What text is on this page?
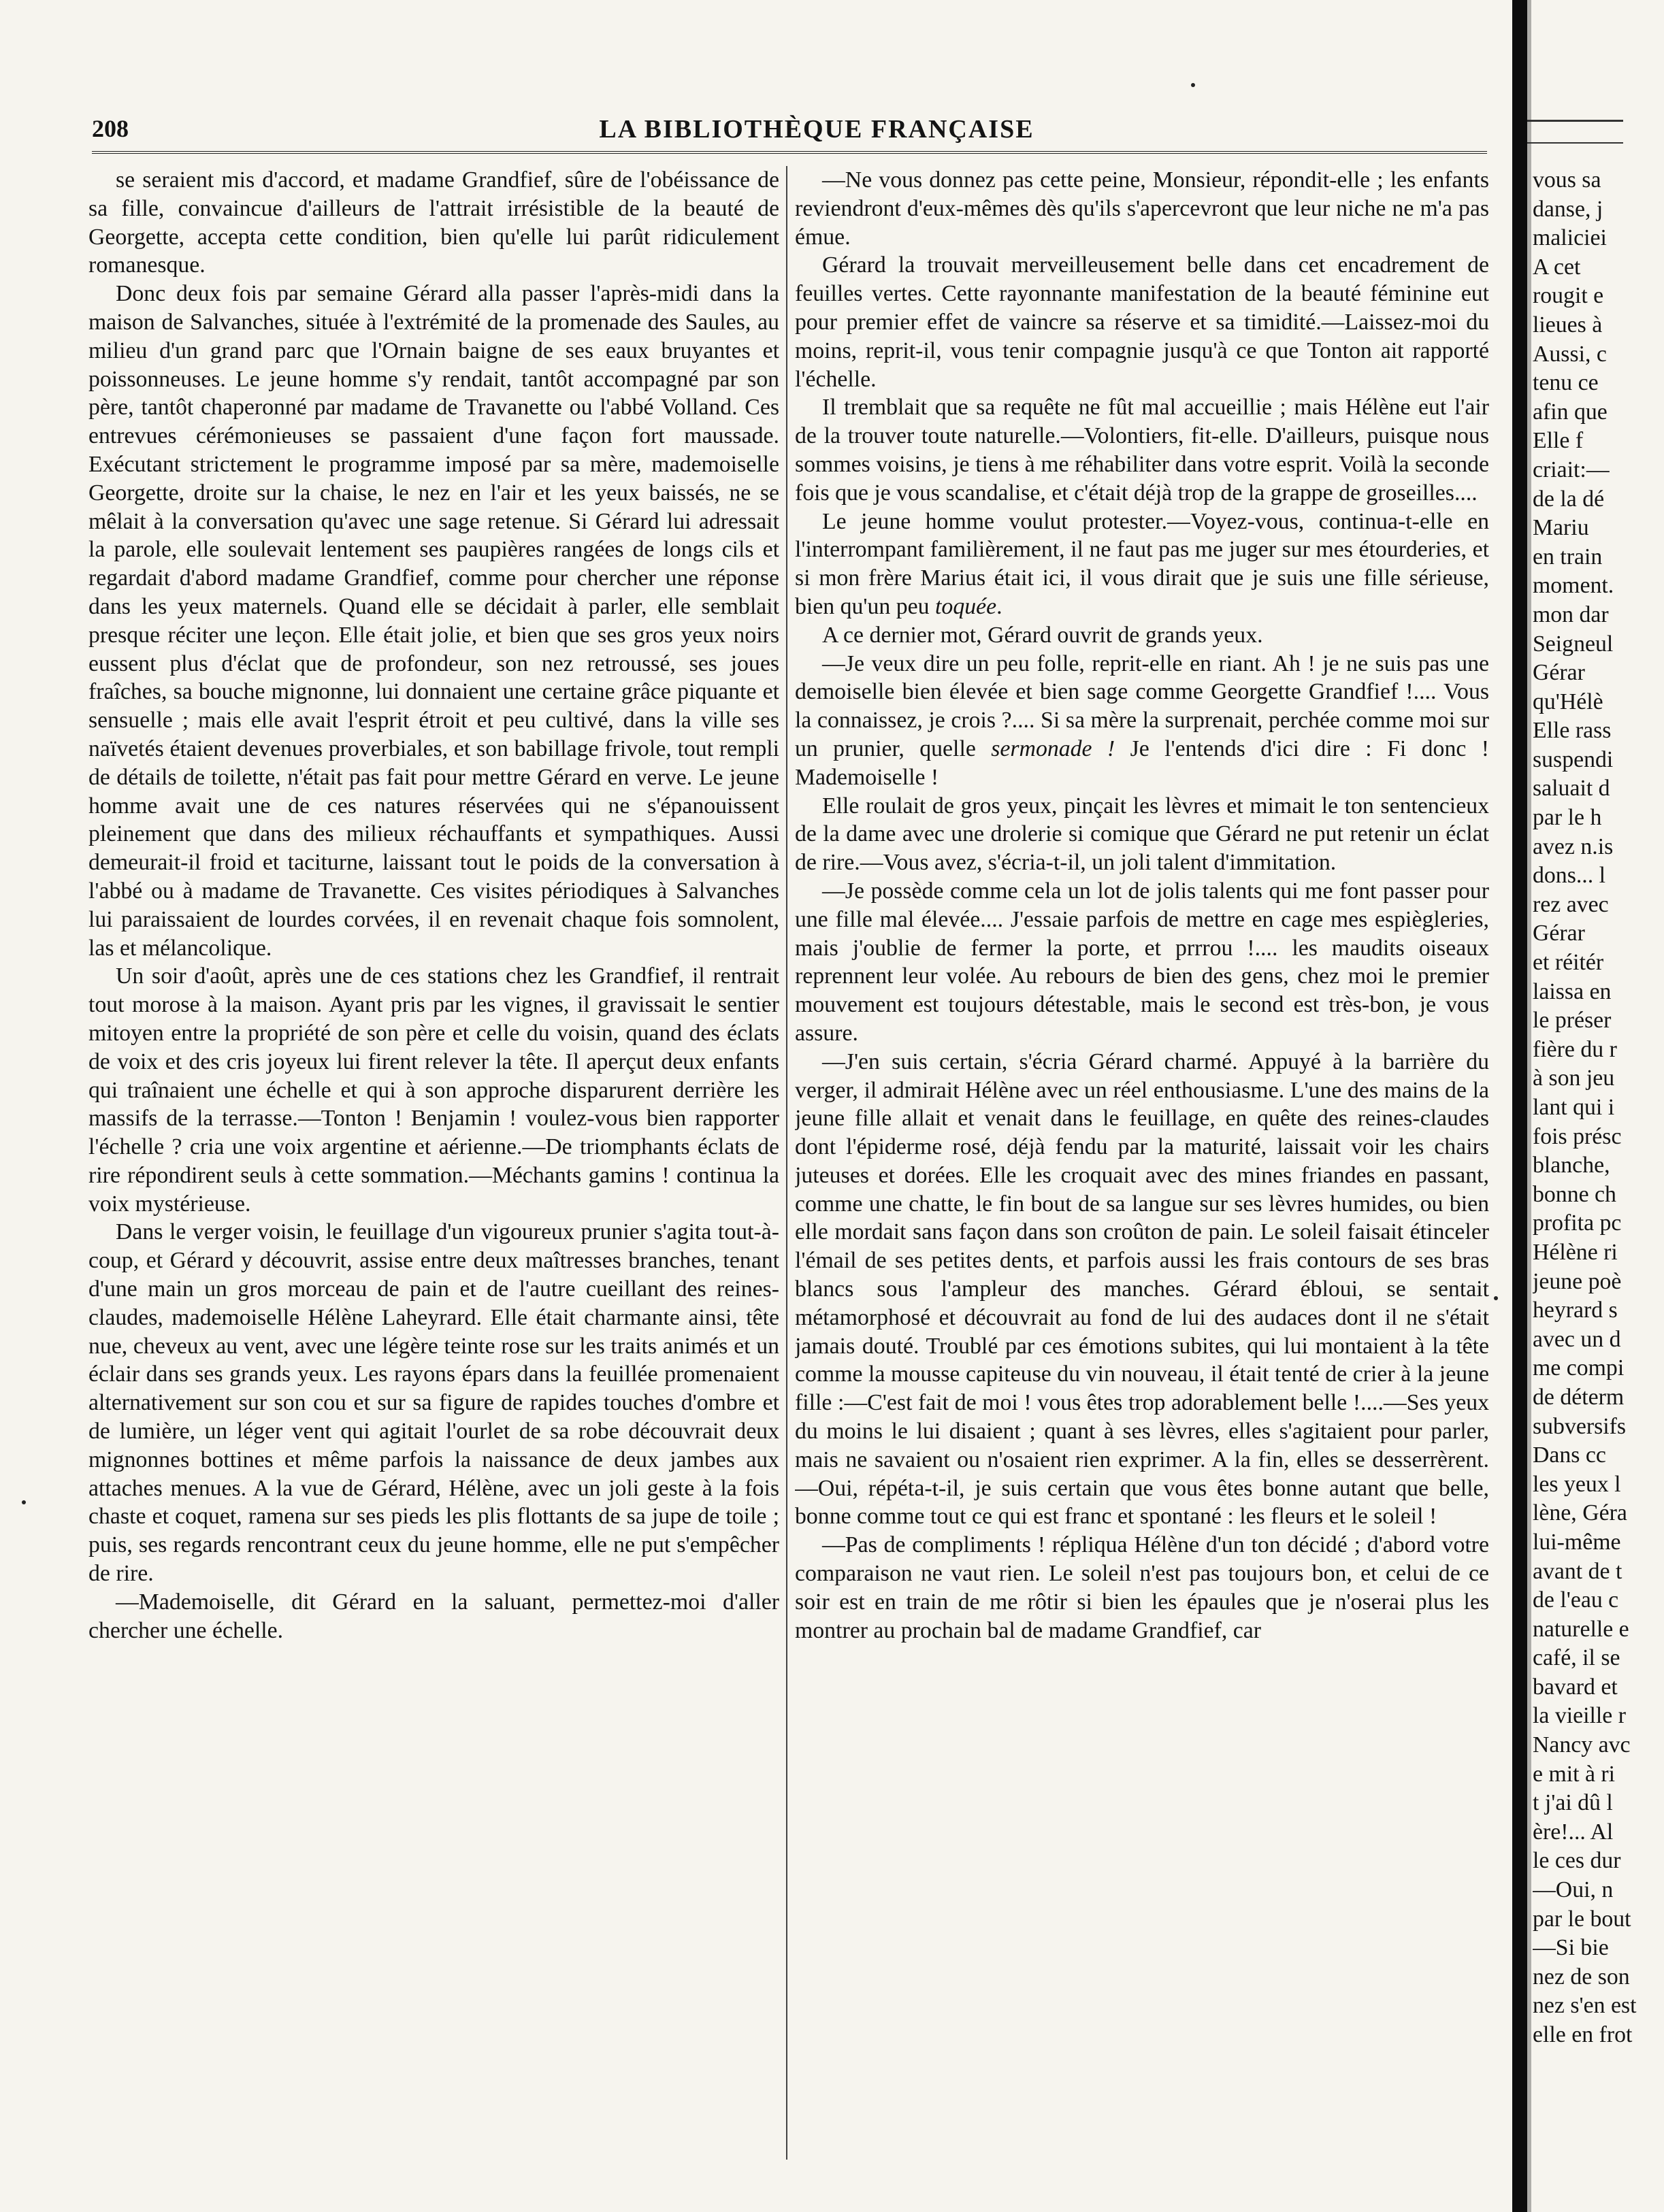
208	LA BIBLIOTHÈQUE FRANÇAISE

se seraient mis d'accord, et madame Grandfief, sûre de l'obéissance de sa fille, convaincue d'ailleurs de l'attrait irrésistible de la beauté de Georgette, accepta cette condition, bien qu'elle lui parût ridiculement romanesque.

Donc deux fois par semaine Gérard alla passer l'après-midi dans la maison de Salvanches, située à l'extrémité de la promenade des Saules, au milieu d'un grand parc que l'Ornain baigne de ses eaux bruyantes et poissonneuses. Le jeune homme s'y rendait, tantôt accompagné par son père, tantôt chaperonné par madame de Travanette ou l'abbé Volland. Ces entrevues cérémonieuses se passaient d'une façon fort maussade. Exécutant strictement le programme imposé par sa mère, mademoiselle Georgette, droite sur la chaise, le nez en l'air et les yeux baissés, ne se mêlait à la conversation qu'avec une sage retenue. Si Gérard lui adressait la parole, elle soulevait lentement ses paupières rangées de longs cils et regardait d'abord madame Grandfief, comme pour chercher une réponse dans les yeux maternels. Quand elle se décidait à parler, elle semblait presque réciter une leçon. Elle était jolie, et bien que ses gros yeux noirs eussent plus d'éclat que de profondeur, son nez retroussé, ses joues fraîches, sa bouche mignonne, lui donnaient une certaine grâce piquante et sensuelle ; mais elle avait l'esprit étroit et peu cultivé, dans la ville ses naïvetés étaient devenues proverbiales, et son babillage frivole, tout rempli de détails de toilette, n'était pas fait pour mettre Gérard en verve. Le jeune homme avait une de ces natures réservées qui ne s'épanouissent pleinement que dans des milieux réchauffants et sympathiques. Aussi demeurait-il froid et taciturne, laissant tout le poids de la conversation à l'abbé ou à madame de Travanette. Ces visites périodiques à Salvanches lui paraissaient de lourdes corvées, il en revenait chaque fois somnolent, las et mélancolique.

Un soir d'août, après une de ces stations chez les Grandfief, il rentrait tout morose à la maison. Ayant pris par les vignes, il gravissait le sentier mitoyen entre la propriété de son père et celle du voisin, quand des éclats de voix et des cris joyeux lui firent relever la tête. Il aperçut deux enfants qui traînaient une échelle et qui à son approche disparurent derrière les massifs de la terrasse.—Tonton ! Benjamin ! voulez-vous bien rapporter l'échelle ? cria une voix argentine et aérienne.—De triomphants éclats de rire répondirent seuls à cette sommation.—Méchants gamins ! continua la voix mystérieuse.

Dans le verger voisin, le feuillage d'un vigoureux prunier s'agita tout-à-coup, et Gérard y découvrit, assise entre deux maîtresses branches, tenant d'une main un gros morceau de pain et de l'autre cueillant des reines-claudes, mademoiselle Hélène Laheyrard. Elle était charmante ainsi, tête nue, cheveux au vent, avec une légère teinte rose sur les traits animés et un éclair dans ses grands yeux. Les rayons épars dans la feuillée promenaient alternativement sur son cou et sur sa figure de rapides touches d'ombre et de lumière, un léger vent qui agitait l'ourlet de sa robe découvrait deux mignonnes bottines et même parfois la naissance de deux jambes aux attaches menues. A la vue de Gérard, Hélène, avec un joli geste à la fois chaste et coquet, ramena sur ses pieds les plis flottants de sa jupe de toile ; puis, ses regards rencontrant ceux du jeune homme, elle ne put s'empêcher de rire.

—Mademoiselle, dit Gérard en la saluant, permettez-moi d'aller chercher une échelle.

—Ne vous donnez pas cette peine, Monsieur, répondit-elle ; les enfants reviendront d'eux-mêmes dès qu'ils s'apercevront que leur niche ne m'a pas émue.

Gérard la trouvait merveilleusement belle dans cet encadrement de feuilles vertes. Cette rayonnante manifestation de la beauté féminine eut pour premier effet de vaincre sa réserve et sa timidité.—Laissez-moi du moins, reprit-il, vous tenir compagnie jusqu'à ce que Tonton ait rapporté l'échelle.

Il tremblait que sa requête ne fût mal accueillie ; mais Hélène eut l'air de la trouver toute naturelle.—Volontiers, fit-elle. D'ailleurs, puisque nous sommes voisins, je tiens à me réhabiliter dans votre esprit. Voilà la seconde fois que je vous scandalise, et c'était déjà trop de la grappe de groseilles....

Le jeune homme voulut protester.—Voyez-vous, continua-t-elle en l'interrompant familièrement, il ne faut pas me juger sur mes étourderies, et si mon frère Marius était ici, il vous dirait que je suis une fille sérieuse, bien qu'un peu toquée.

A ce dernier mot, Gérard ouvrit de grands yeux.

—Je veux dire un peu folle, reprit-elle en riant. Ah ! je ne suis pas une demoiselle bien élevée et bien sage comme Georgette Grandfief !.... Vous la connaissez, je crois ?.... Si sa mère la surprenait, perchée comme moi sur un prunier, quelle sermonade ! Je l'entends d'ici dire : Fi donc ! Mademoiselle !

Elle roulait de gros yeux, pinçait les lèvres et mimait le ton sentencieux de la dame avec une drolerie si comique que Gérard ne put retenir un éclat de rire.—Vous avez, s'écria-t-il, un joli talent d'immitation.

—Je possède comme cela un lot de jolis talents qui me font passer pour une fille mal élevée.... J'essaie parfois de mettre en cage mes espiègleries, mais j'oublie de fermer la porte, et prrrou !.... les maudits oiseaux reprennent leur volée. Au rebours de bien des gens, chez moi le premier mouvement est toujours détestable, mais le second est très-bon, je vous assure.

—J'en suis certain, s'écria Gérard charmé. Appuyé à la barrière du verger, il admirait Hélène avec un réel enthousiasme. L'une des mains de la jeune fille allait et venait dans le feuillage, en quête des reines-claudes dont l'épiderme rosé, déjà fendu par la maturité, laissait voir les chairs juteuses et dorées. Elle les croquait avec des mines friandes en passant, comme une chatte, le fin bout de sa langue sur ses lèvres humides, ou bien elle mordait sans façon dans son croûton de pain. Le soleil faisait étinceler l'émail de ses petites dents, et parfois aussi les frais contours de ses bras blancs sous l'ampleur des manches. Gérard ébloui, se sentait métamorphosé et découvrait au fond de lui des audaces dont il ne s'était jamais douté. Troublé par ces émotions subites, qui lui montaient à la tête comme la mousse capiteuse du vin nouveau, il était tenté de crier à la jeune fille :—C'est fait de moi ! vous êtes trop adorablement belle !....—Ses yeux du moins le lui disaient ; quant à ses lèvres, elles s'agitaient pour parler, mais ne savaient ou n'osaient rien exprimer. A la fin, elles se desserrèrent.—Oui, répéta-t-il, je suis certain que vous êtes bonne autant que belle, bonne comme tout ce qui est franc et spontané : les fleurs et le soleil !

—Pas de compliments ! répliqua Hélène d'un ton décidé ; d'abord votre comparaison ne vaut rien. Le soleil n'est pas toujours bon, et celui de ce soir est en train de me rôtir si bien les épaules que je n'oserai plus les montrer au prochain bal de madame Grandfief, car

vous sa
danse, j
maliciei
A cet
rougit e
lieues à
Aussi, c
tenu ce
afin que
Elle f
criait:—
de la dé
Mariu
en train
moment.
mon dar
Seigneul
Gérar
qu'Hélè
Elle rass
suspendi
saluait d
par le h
avez n.is
dons... l
rez avec
Gérar
et réitér
laissa en
le préser
fière du r
à son jeu
lant qui i
fois présc
blanche,
bonne ch
profita pc
Hélène ri
jeune poè
heyrard s
avec un d
me compi
de déterm
subversifs
Dans cc
les yeux l
lène, Géra
lui-même
avant de t
de l'eau c
naturelle e
café, il se
bavard et
la vieille r
Nancy avc
e mit à ri
t j'ai dû l
ère!... Al
le ces dur
—Oui, n
par le bout
—Si bie
nez de son
nez s'en est
elle en frot
